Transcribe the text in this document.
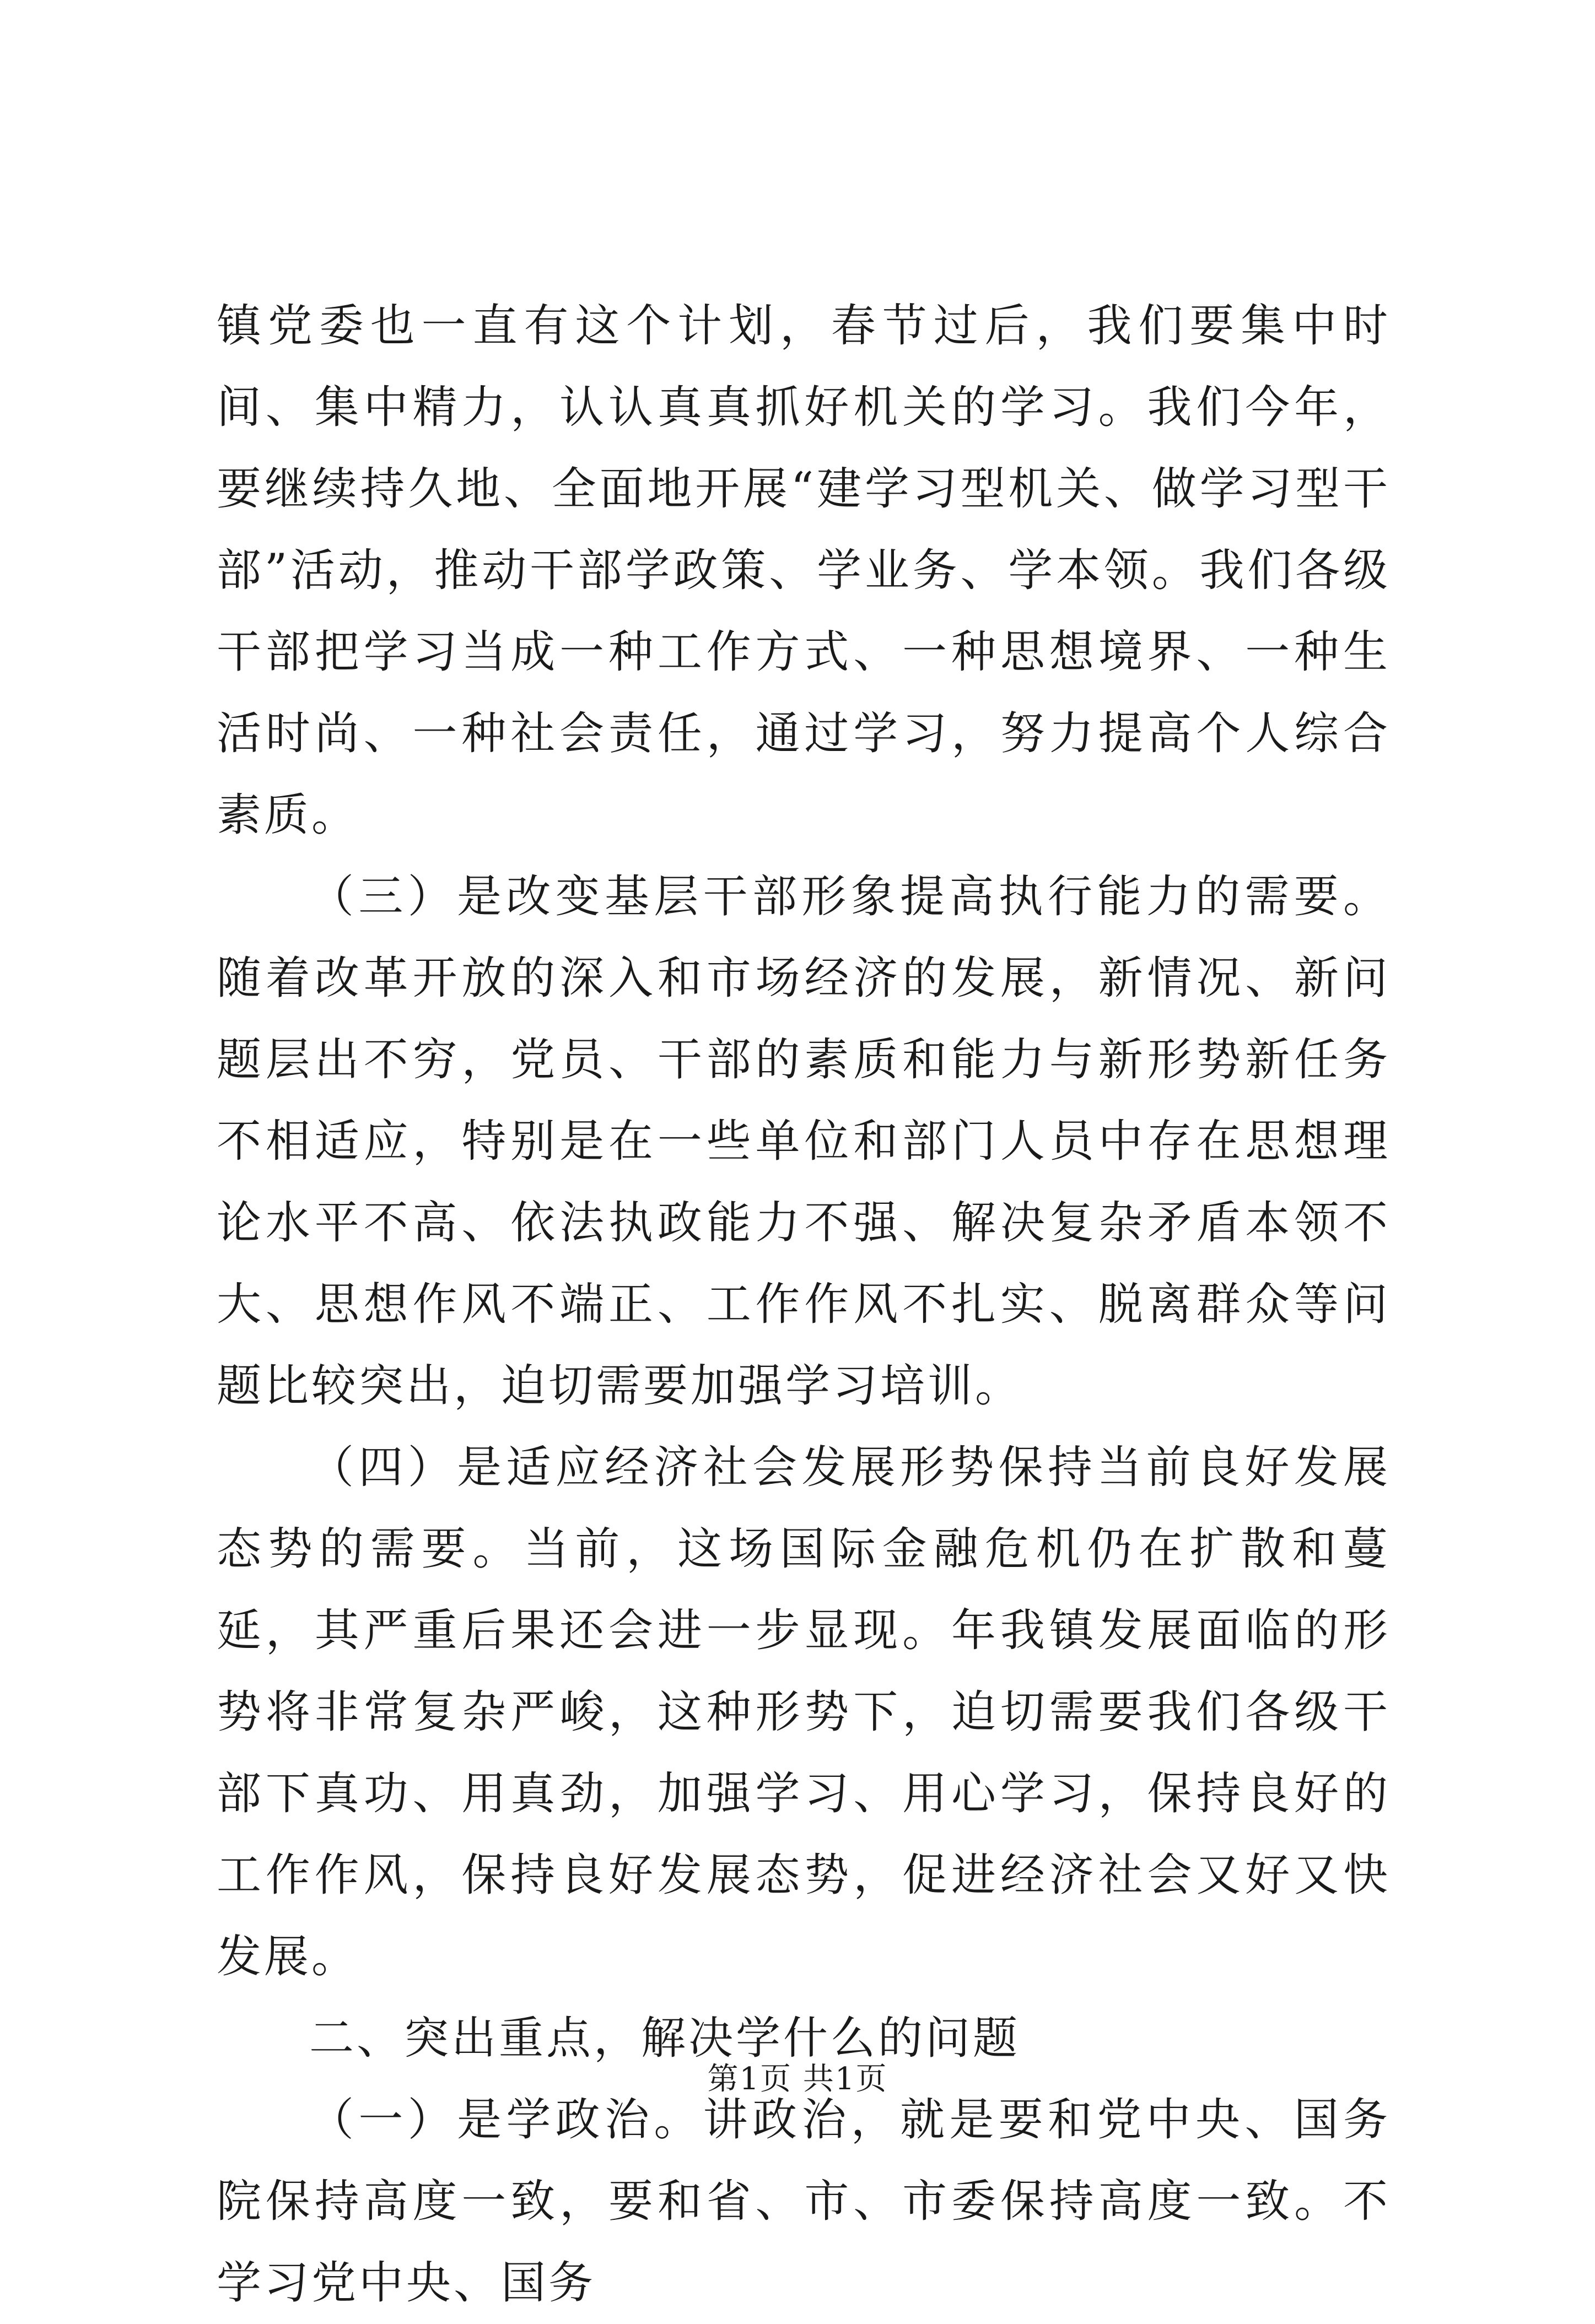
镇党委也一直有这个计划，春节过后，我们要集中时间、集中精力，认认真真抓好机关的学习。我们今年，要继续持久地、全面地开展“建学习型机关、做学习型干部”活动，推动干部学政策、学业务、学本领。我们各级干部把学习当成一种工作方式、一种思想境界、一种生活时尚、一种社会责任，通过学习，努力提高个人综合素质。

（三）是改变基层干部形象提高执行能力的需要。随着改革开放的深入和市场经济的发展，新情况、新问题层出不穷，党员、干部的素质和能力与新形势新任务不相适应，特别是在一些单位和部门人员中存在思想理论水平不高、依法执政能力不强、解决复杂矛盾本领不大、思想作风不端正、工作作风不扎实、脱离群众等问题比较突出，迫切需要加强学习培训。

（四）是适应经济社会发展形势保持当前良好发展态势的需要。当前，这场国际金融危机仍在扩散和蔓延，其严重后果还会进一步显现。年我镇发展面临的形势将非常复杂严峻，这种形势下，迫切需要我们各级干部下真功、用真劲，加强学习、用心学习，保持良好的工作作风，保持良好发展态势，促进经济社会又好又快发展。

二、突出重点，解决学什么的问题

（一）是学政治。讲政治，就是要和党中央、国务院保持高度一致，要和省、市、市委保持高度一致。不学习党中央、国务

第1页 共1页
